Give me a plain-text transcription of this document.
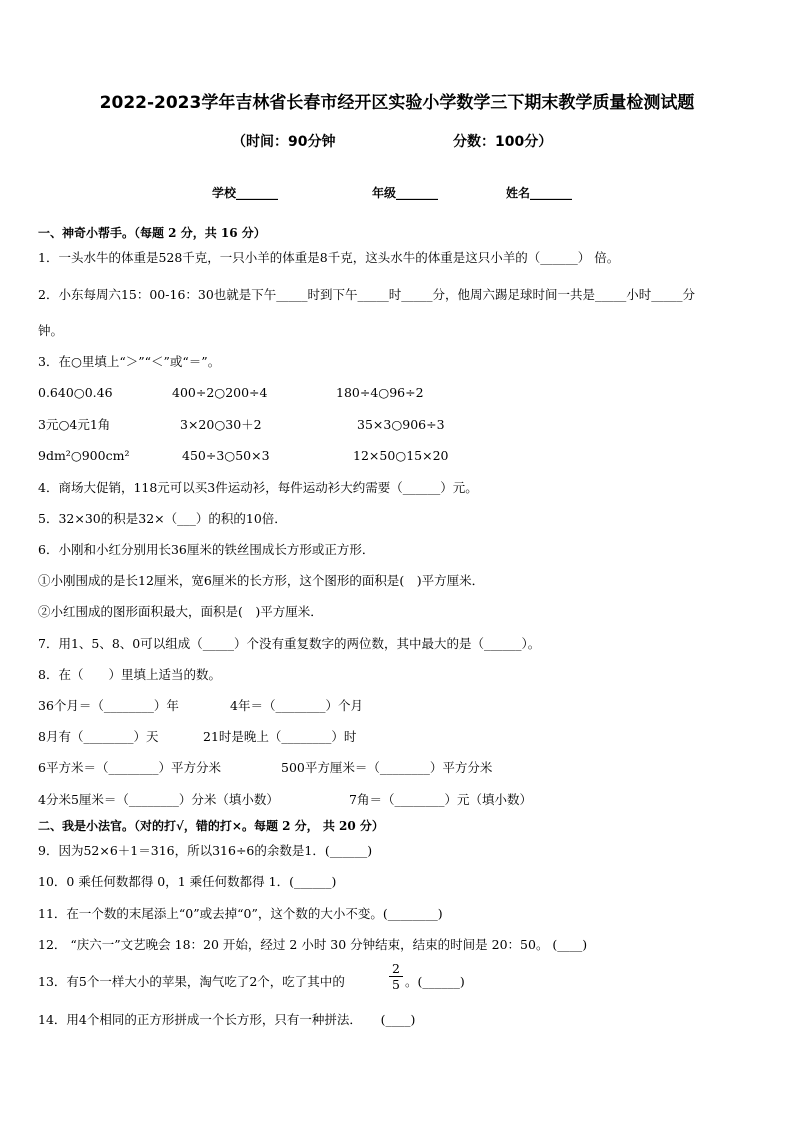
2022-2023学年吉林省长春市经开区实验小学数学三下期末教学质量检测试题
（时间：90分钟	分数：100分）
学校_______	年级_______	姓名_______
一、神奇小帮手。（每题 2 分，共 16 分）
1．一头水牛的体重是528千克，一只小羊的体重是8千克，这头水牛的体重是这只小羊的（______） 倍。
2．小东每周六15：00-16：30也就是下午_____时到下午_____时_____分，他周六踢足球时间一共是_____小时_____分
钟。
3．在○里填上“＞”“＜”或“＝”。
0.640○0.46	400÷2○200÷4	180÷4○96÷2
3元○4元1角	3×20○30＋2	35×3○906÷3
9dm²○900cm²	450÷3○50×3	12×50○15×20
4．商场大促销，118元可以买3件运动衫，每件运动衫大约需要（______）元。
5．32×30的积是32×（___）的积的10倍．
6．小刚和小红分别用长36厘米的铁丝围成长方形或正方形．
①小刚围成的是长12厘米，宽6厘米的长方形，这个图形的面积是(　)平方厘米．
②小红围成的图形面积最大，面积是(　)平方厘米．
7．用1、5、8、0可以组成（_____）个没有重复数字的两位数，其中最大的是（______）。
8．在（　　）里填上适当的数。
36个月＝（________）年	4年＝（________）个月
8月有（________）天	21时是晚上（________）时
6平方米＝（________）平方分米	500平方厘米＝（________）平方分米
4分米5厘米＝（________）分米（填小数）	7角＝（________）元（填小数）
二、我是小法官。（对的打√，错的打×。每题 2 分， 共 20 分）
9．因为52×6＋1＝316，所以316÷6的余数是1．(______)
10．0 乘任何数都得 0，1 乘任何数都得 1．(______)
11．在一个数的末尾添上“0”或去掉“0”，这个数的大小不变。(________)
12． “庆六一”文艺晚会 18：20 开始，经过 2 小时 30 分钟结束，结束的时间是 20：50。 (____)
13．有5个一样大小的苹果，淘气吃了2个，吃了其中的
2
5 。(______)
14．用4个相同的正方形拼成一个长方形，只有一种拼法．　　(____)
